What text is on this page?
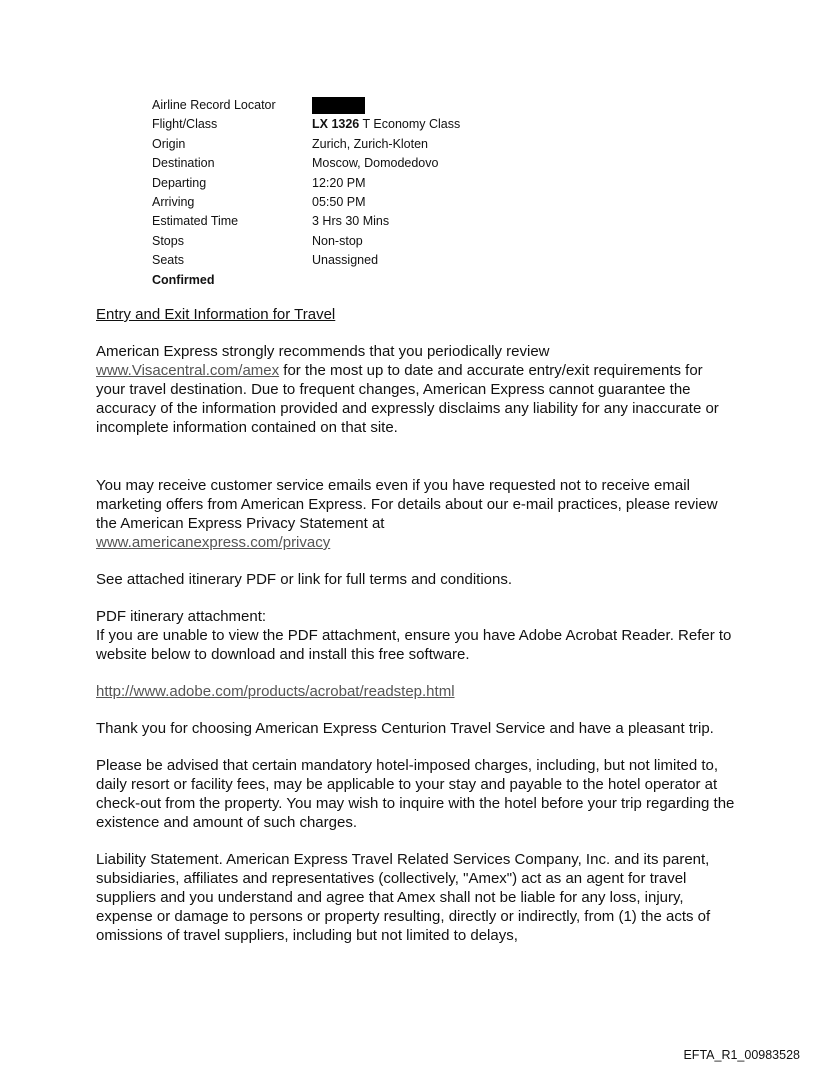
Airline Record Locator
Flight/Class	LX 1326 T Economy Class
Origin	Zurich, Zurich-Kloten
Destination	Moscow, Domodedovo
Departing	12:20 PM
Arriving	05:50 PM
Estimated Time	3 Hrs 30 Mins
Stops	Non-stop
Seats	Unassigned
Confirmed

Entry and Exit Information for Travel

American Express strongly recommends that you periodically review
www.Visacentral.com/amex for the most up to date and accurate entry/exit requirements for your travel destination. Due to frequent changes, American Express cannot guarantee the accuracy of the information provided and expressly disclaims any liability for any inaccurate or incomplete information contained on that site.

You may receive customer service emails even if you have requested not to receive email marketing offers from American Express. For details about our e-mail practices, please review the American Express Privacy Statement at
www.americanexpress.com/privacy

See attached itinerary PDF or link for full terms and conditions.

PDF itinerary attachment:

If you are unable to view the PDF attachment, ensure you have Adobe Acrobat Reader. Refer to website below to download and install this free software.

http://www.adobe.com/products/acrobat/readstep.html

Thank you for choosing American Express Centurion Travel Service and have a pleasant trip.

Please be advised that certain mandatory hotel-imposed charges, including, but not limited to, daily resort or facility fees, may be applicable to your stay and payable to the hotel operator at check-out from the property. You may wish to inquire with the hotel before your trip regarding the existence and amount of such charges.

Liability Statement. American Express Travel Related Services Company, Inc. and its parent, subsidiaries, affiliates and representatives (collectively, "Amex") act as an agent for travel suppliers and you understand and agree that Amex shall not be liable for any loss, injury, expense or damage to persons or property resulting, directly or indirectly, from (1) the acts of omissions of travel suppliers, including but not limited to delays,

EFTA_R1_00983528
